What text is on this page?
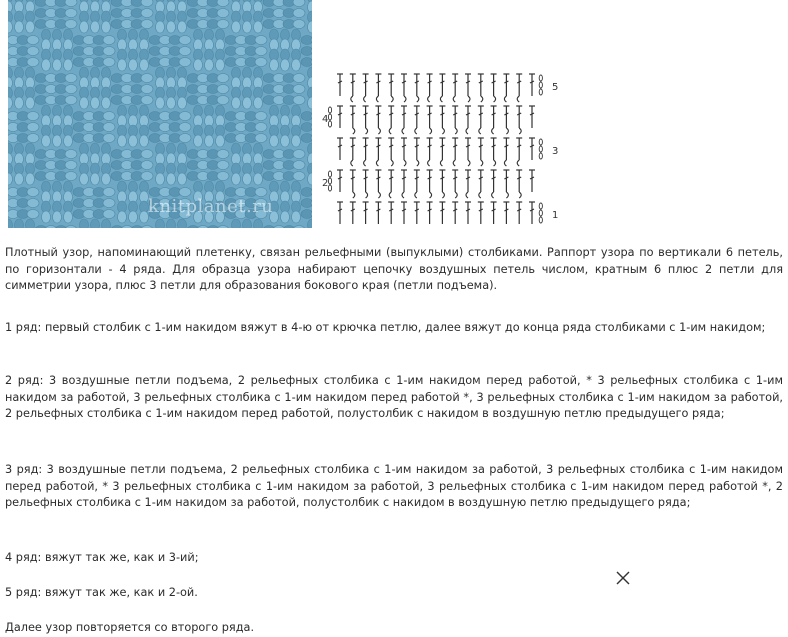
knitplanet.ru
5
4
3
2
1

Плотный узор, напоминающий плетенку, связан рельефными (выпуклыми) столбиками. Раппорт узора по вертикали 6 петель, по горизонтали - 4 ряда. Для образца узора набирают цепочку воздушных петель числом, кратным 6 плюс 2 петли для симметрии узора, плюс 3 петли для образования бокового края (петли подъема).

1 ряд: первый столбик с 1-им накидом вяжут в 4-ю от крючка петлю, далее вяжут до конца ряда столбиками с 1-им накидом;

2 ряд: 3 воздушные петли подъема, 2 рельефных столбика с 1-им накидом перед работой, * 3 рельефных столбика с 1-им накидом за работой, 3 рельефных столбика с 1-им накидом перед работой *, 3 рельефных столбика с 1-им накидом за работой, 2 рельефных столбика с 1-им накидом перед работой, полустолбик с накидом в воздушную петлю предыдущего ряда;

3 ряд: 3 воздушные петли подъема, 2 рельефных столбика с 1-им накидом за работой, 3 рельефных столбика с 1-им накидом перед работой, * 3 рельефных столбика с 1-им накидом за работой, 3 рельефных столбика с 1-им накидом перед работой *, 2 рельефных столбика с 1-им накидом за работой, полустолбик с накидом в воздушную петлю предыдущего ряда;

4 ряд: вяжут так же, как и 3-ий;

5 ряд: вяжут так же, как и 2-ой.

Далее узор повторяется со второго ряда.
